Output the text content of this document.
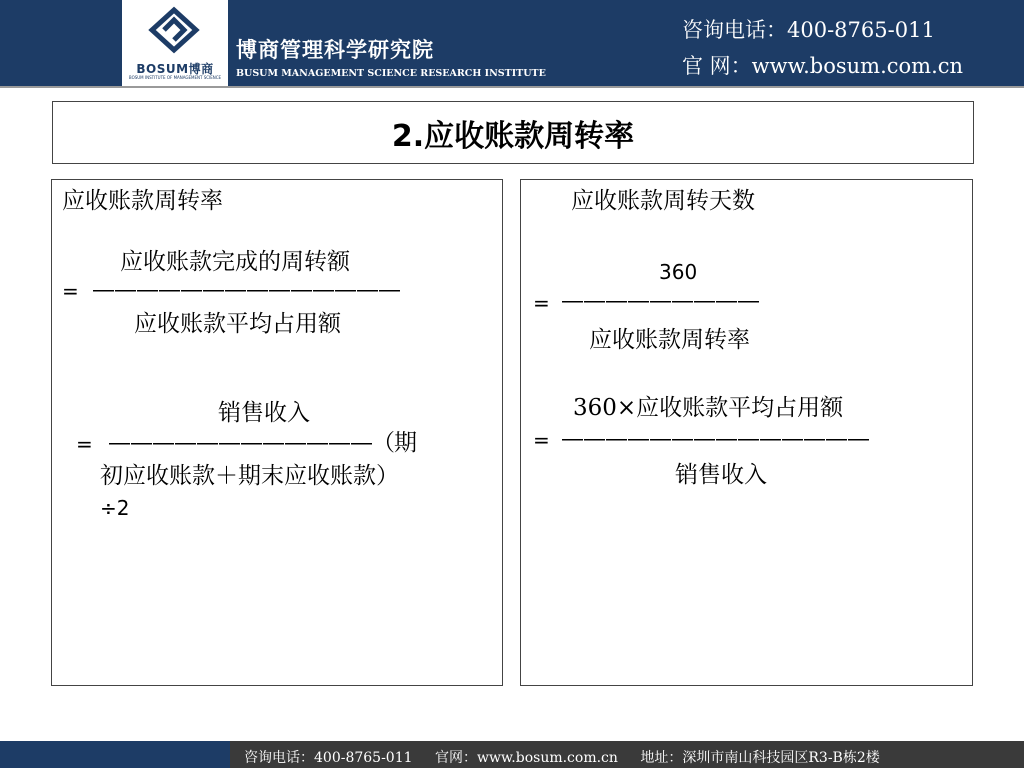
BOSUM博商
BOSUM INSTITUTE OF MANAGEMENT SCIENCE
博商管理科学研究院
BUSUM MANAGEMENT SCIENCE RESEARCH INSTITUTE
咨询电话：400-8765-011
官 网：www.bosum.com.cn
2.应收账款周转率
应收账款周转率
应收账款完成的周转额
= ——————————————
应收账款平均占用额
销售收入
= ————————————（期
初应收账款＋期末应收账款）
÷2
应收账款周转天数
360
= —————————
应收账款周转率
360×应收账款平均占用额
= ——————————————
销售收入
咨询电话：400-8765-011 官网：www.bosum.com.cn 地址：深圳市南山科技园区R3-B栋2楼
